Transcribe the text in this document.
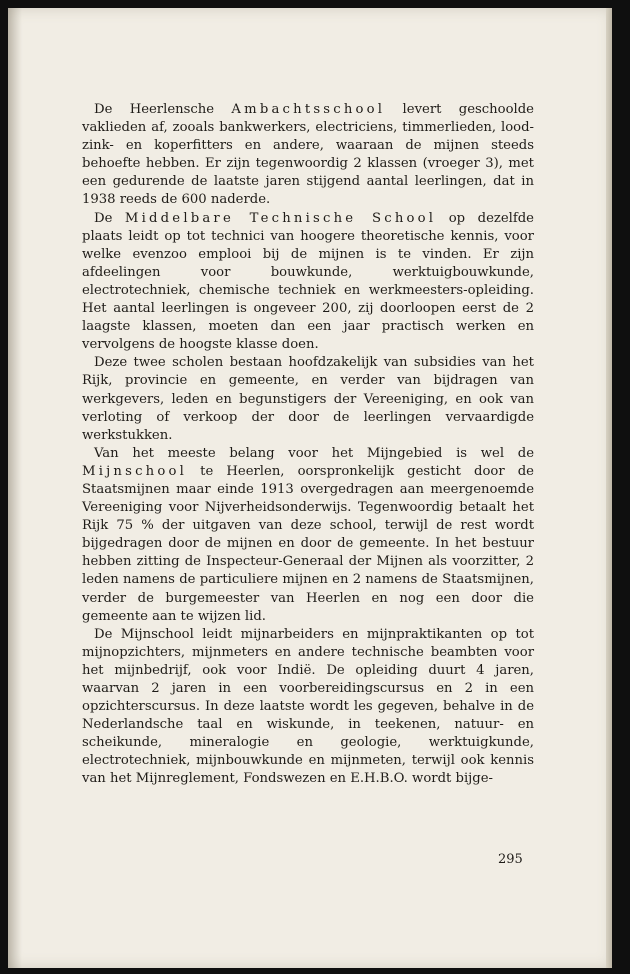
De Heerlensche Ambachtsschool levert geschoolde vaklieden af, zooals bankwerkers, electriciens, timmerlieden, lood- zink- en koperfitters en andere, waaraan de mijnen steeds behoefte hebben. Er zijn tegenwoordig 2 klassen (vroeger 3), met een gedurende de laatste jaren stijgend aantal leerlingen, dat in 1938 reeds de 600 naderde.

De Middelbare Technische School op dezelfde plaats leidt op tot technici van hoogere theoretische kennis, voor welke evenzoo emplooi bij de mijnen is te vinden. Er zijn afdeelingen voor bouwkunde, werktuigbouwkunde, electrotechniek, chemische techniek en werkmeesters-opleiding. Het aantal leerlingen is ongeveer 200, zij doorloopen eerst de 2 laagste klassen, moeten dan een jaar practisch werken en vervolgens de hoogste klasse doen.

Deze twee scholen bestaan hoofdzakelijk van subsidies van het Rijk, provincie en gemeente, en verder van bijdragen van werkgevers, leden en begunstigers der Vereeniging, en ook van verloting of verkoop der door de leerlingen vervaardigde werkstukken.

Van het meeste belang voor het Mijngebied is wel de Mijnschool te Heerlen, oorspronkelijk gesticht door de Staatsmijnen maar einde 1913 overgedragen aan meergenoemde Vereeniging voor Nijverheidsonderwijs. Tegenwoordig betaalt het Rijk 75 % der uitgaven van deze school, terwijl de rest wordt bijgedragen door de mijnen en door de gemeente. In het bestuur hebben zitting de Inspecteur-Generaal der Mijnen als voorzitter, 2 leden namens de particuliere mijnen en 2 namens de Staatsmijnen, verder de burgemeester van Heerlen en nog een door die gemeente aan te wijzen lid.

De Mijnschool leidt mijnarbeiders en mijnpraktikanten op tot mijnopzichters, mijnmeters en andere technische beambten voor het mijnbedrijf, ook voor Indië. De opleiding duurt 4 jaren, waarvan 2 jaren in een voorbereidingscursus en 2 in een opzichterscursus. In deze laatste wordt les gegeven, behalve in de Nederlandsche taal en wiskunde, in teekenen, natuur- en scheikunde, mineralogie en geologie, werktuigkunde, electrotechniek, mijnbouwkunde en mijnmeten, terwijl ook kennis van het Mijnreglement, Fondswezen en E.H.B.O. wordt bijge-

295
